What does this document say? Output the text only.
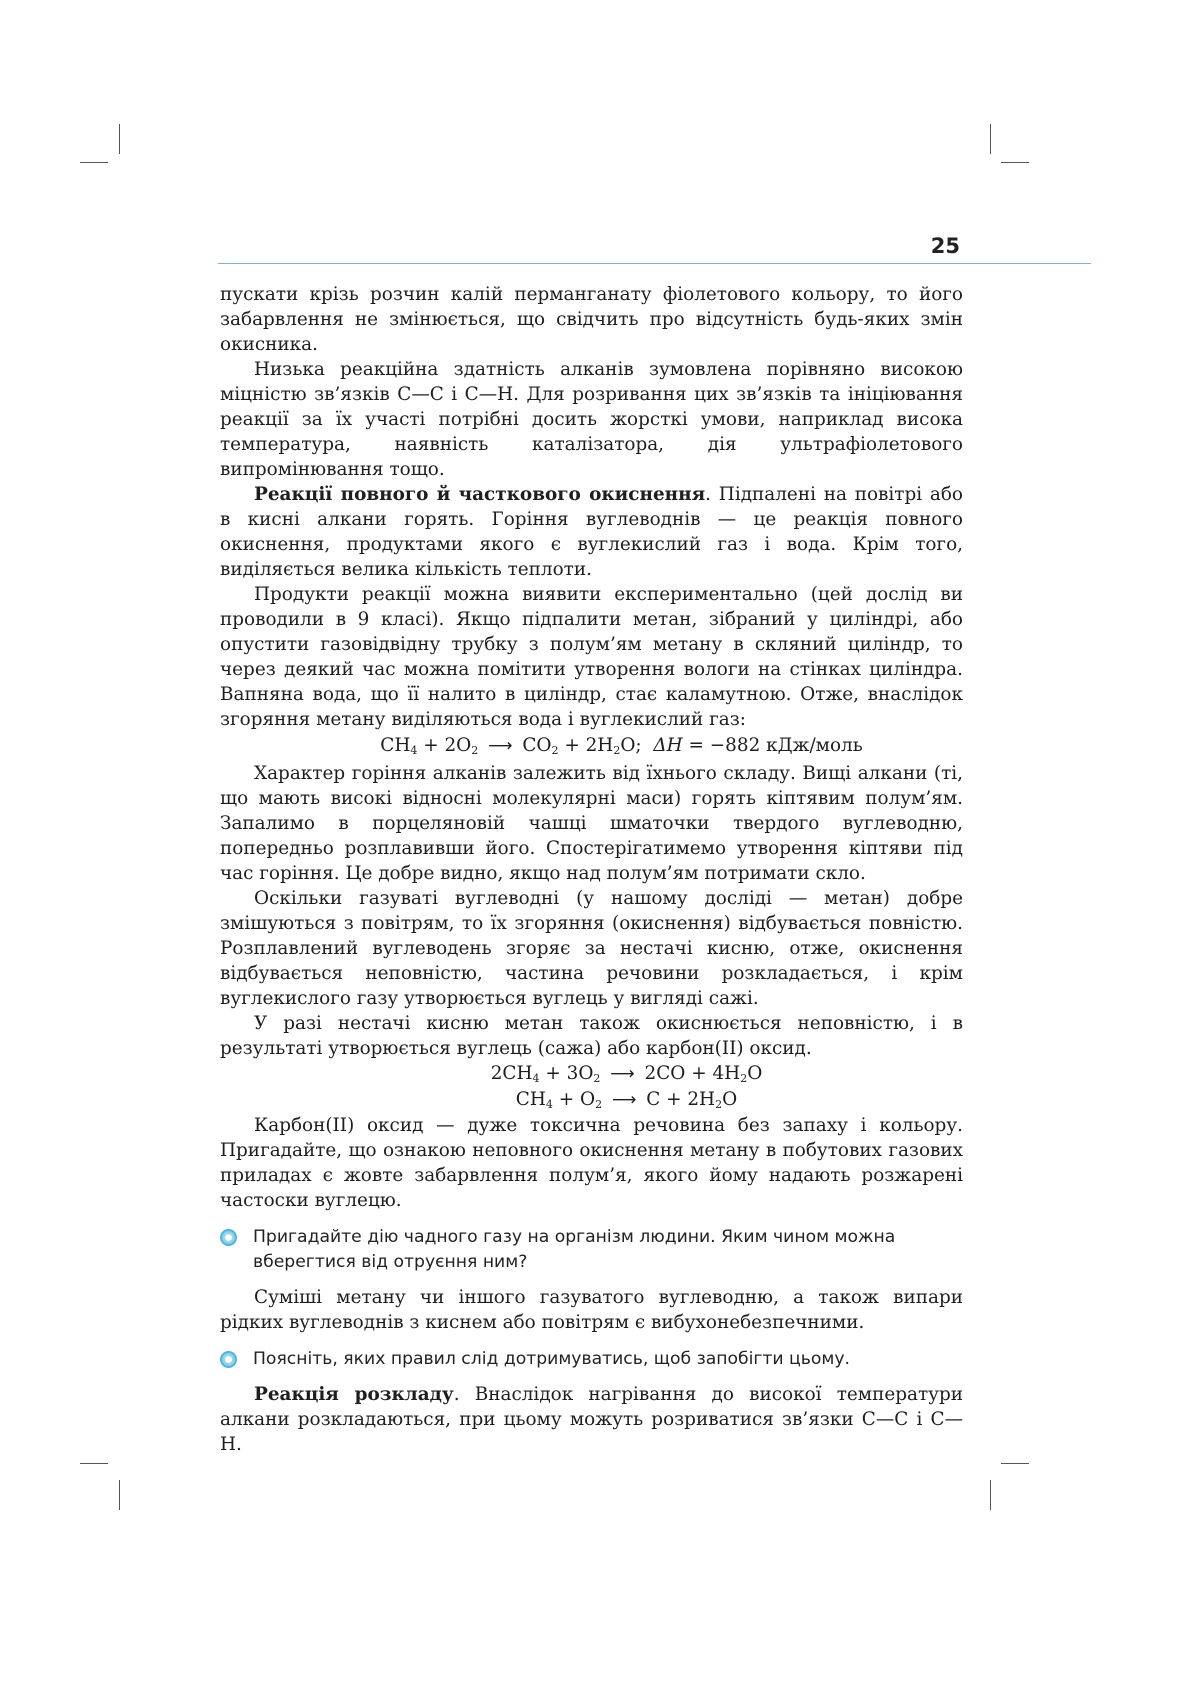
25

пускати крізь розчин калій перманганату фіолетового кольору, то його забарвлення не змінюється, що свідчить про відсутність будь-яких змін окисника.

Низька реакційна здатність алканів зумовлена порівняно високою міцністю зв’язків С—С і С—Н. Для розривання цих зв’язків та ініціювання реакції за їх участі потрібні досить жорсткі умови, наприклад висока температура, наявність каталізатора, дія ультрафіолетового випромінювання тощо.

Реакції повного й часткового окиснення. Підпалені на повітрі або в кисні алкани горять. Горіння вуглеводнів — це реакція повного окиснення, продуктами якого є вуглекислий газ і вода. Крім того, виділяється велика кількість теплоти.

Продукти реакції можна виявити експериментально (цей дослід ви проводили в 9 класі). Якщо підпалити метан, зібраний у циліндрі, або опустити газовідвідну трубку з полум’ям метану в скляний циліндр, то через деякий час можна помітити утворення вологи на стінках циліндра. Вапняна вода, що її налито в циліндр, стає каламутною. Отже, внаслідок згоряння метану виділяються вода і вуглекислий газ:

$CH_4 + 2O_2$ ⟶ $CO_2 + 2H_2O$; ΔH = −882 кДж/моль

Характер горіння алканів залежить від їхнього складу. Вищі алкани (ті, що мають високі відносні молекулярні маси) горять кіптявим полум’ям. Запалимо в порцеляновій чашці шматочки твердого вуглеводню, попередньо розплавивши його. Спостерігатимемо утворення кіптяви під час горіння. Це добре видно, якщо над полум’ям потримати скло.

Оскільки газуваті вуглеводні (у нашому досліді — метан) добре змішуються з повітрям, то їх згоряння (окиснення) відбувається повністю. Розплавлений вуглеводень згоряє за нестачі кисню, отже, окиснення відбувається неповністю, частина речовини розкладається, і крім вуглекислого газу утворюється вуглець у вигляді сажі.

У разі нестачі кисню метан також окиснюється неповністю, і в результаті утворюється вуглець (сажа) або карбон(II) оксид.

$2CH_4 + 3O_2$ ⟶ $2CO + 4H_2O$
$CH_4 + O_2$ ⟶ $C + 2H_2O$

Карбон(II) оксид — дуже токсична речовина без запаху і кольору. Пригадайте, що ознакою неповного окиснення метану в побутових газових приладах є жовте забарвлення полум’я, якого йому надають розжарені частоски вуглецю.

Пригадайте дію чадного газу на організм людини. Яким чином можна вберегтися від отруєння ним?

Суміші метану чи іншого газуватого вуглеводню, а також випари рідких вуглеводнів з киснем або повітрям є вибухонебезпечними.

Поясніть, яких правил слід дотримуватись, щоб запобігти цьому.

Реакція розкладу. Внаслідок нагрівання до високої температури алкани розкладаються, при цьому можуть розриватися зв’язки С—С і С—Н.
